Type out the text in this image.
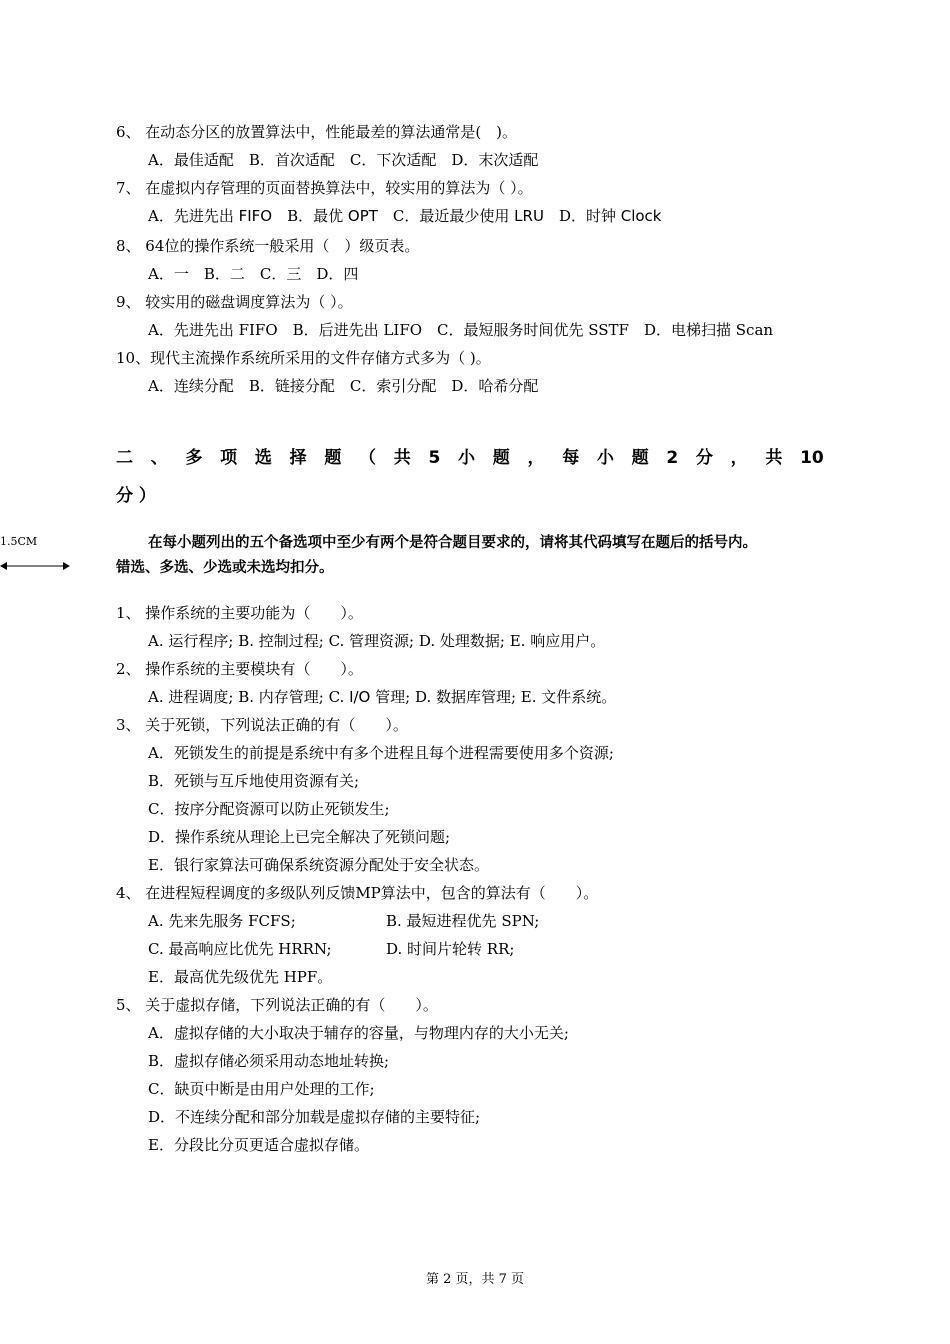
6、 在动态分区的放置算法中，性能最差的算法通常是(　)。
A．最佳适配　B．首次适配　C．下次适配　D．末次适配
7、 在虚拟内存管理的页面替换算法中，较实用的算法为（ ）。
A．先进先出 FIFO　B．最优 OPT　C．最近最少使用 LRU　D．时钟 Clock
8、 64位的操作系统一般采用（　）级页表。
A．一　B．二　C．三　D．四
9、 较实用的磁盘调度算法为（ ）。
A．先进先出 FIFO　B．后进先出 LIFO　C．最短服务时间优先 SSTF　D．电梯扫描 Scan
10、现代主流操作系统所采用的文件存储方式多为（ )。
A．连续分配　B．链接分配　C．索引分配　D．哈希分配
二 、 多 项 选 择 题 （ 共 5 小 题 ， 每 小 题 2 分 ， 共 10
分 ）
1.5CM	在每小题列出的五个备选项中至少有两个是符合题目要求的，请将其代码填写在题后的括号内。
错选、多选、少选或未选均扣分。
1、 操作系统的主要功能为（　　）。
A. 运行程序; B. 控制过程; C. 管理资源; D. 处理数据; E. 响应用户。
2、 操作系统的主要模块有（　　）。
A. 进程调度; B. 内存管理; C. I/O 管理; D. 数据库管理; E. 文件系统。
3、 关于死锁，下列说法正确的有（　　）。
A．死锁发生的前提是系统中有多个进程且每个进程需要使用多个资源;
B．死锁与互斥地使用资源有关;
C．按序分配资源可以防止死锁发生;
D．操作系统从理论上已完全解决了死锁问题;
E．银行家算法可确保系统资源分配处于安全状态。
4、 在进程短程调度的多级队列反馈MP算法中，包含的算法有（　　）。
A. 先来先服务 FCFS;	B. 最短进程优先 SPN;
C. 最高响应比优先 HRRN;	D. 时间片轮转 RR;
E．最高优先级优先 HPF。
5、 关于虚拟存储，下列说法正确的有（　　）。
A．虚拟存储的大小取决于辅存的容量，与物理内存的大小无关;
B．虚拟存储必须采用动态地址转换;
C．缺页中断是由用户处理的工作;
D．不连续分配和部分加载是虚拟存储的主要特征;
E．分段比分页更适合虚拟存储。
第 2 页，共 7 页
